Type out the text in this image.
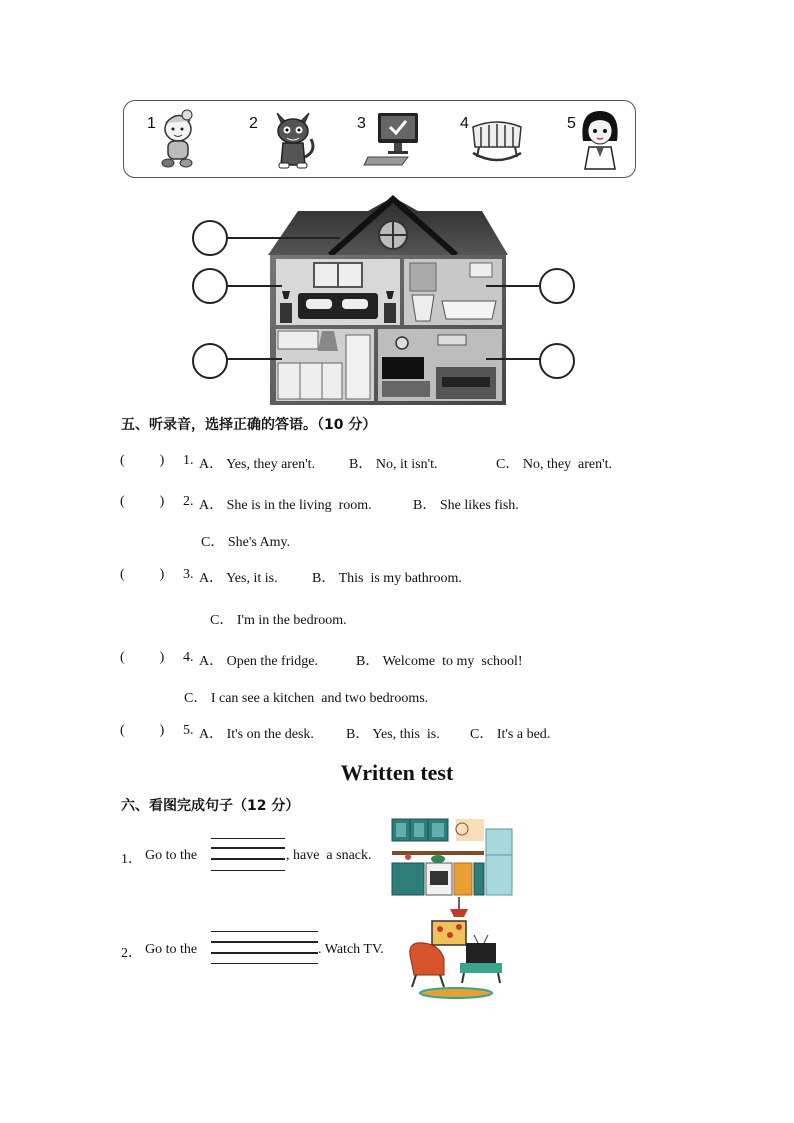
1	2	3	4	5
五、听录音，选择正确的答语。（10 分）
(          ) 1. A． Yes, they aren't. B． No, it isn't.	C． No, they  aren't.
(          ) 2. A． She is in the living  room.	B． She likes fish.
C． She's Amy.
(          ) 3. A． Yes, it is. B． This  is my bathroom.
C． I'm in the bedroom.
(          ) 4. A． Open the fridge.	B． Welcome  to my  school!
C． I can see a kitchen  and two bedrooms.
(          ) 5. A． It's on the desk. B． Yes, this  is. C． It's a bed.
Written test
六、看图完成句子（12 分）
1． Go to the	, have  a snack.
2． Go to the	. Watch TV.
